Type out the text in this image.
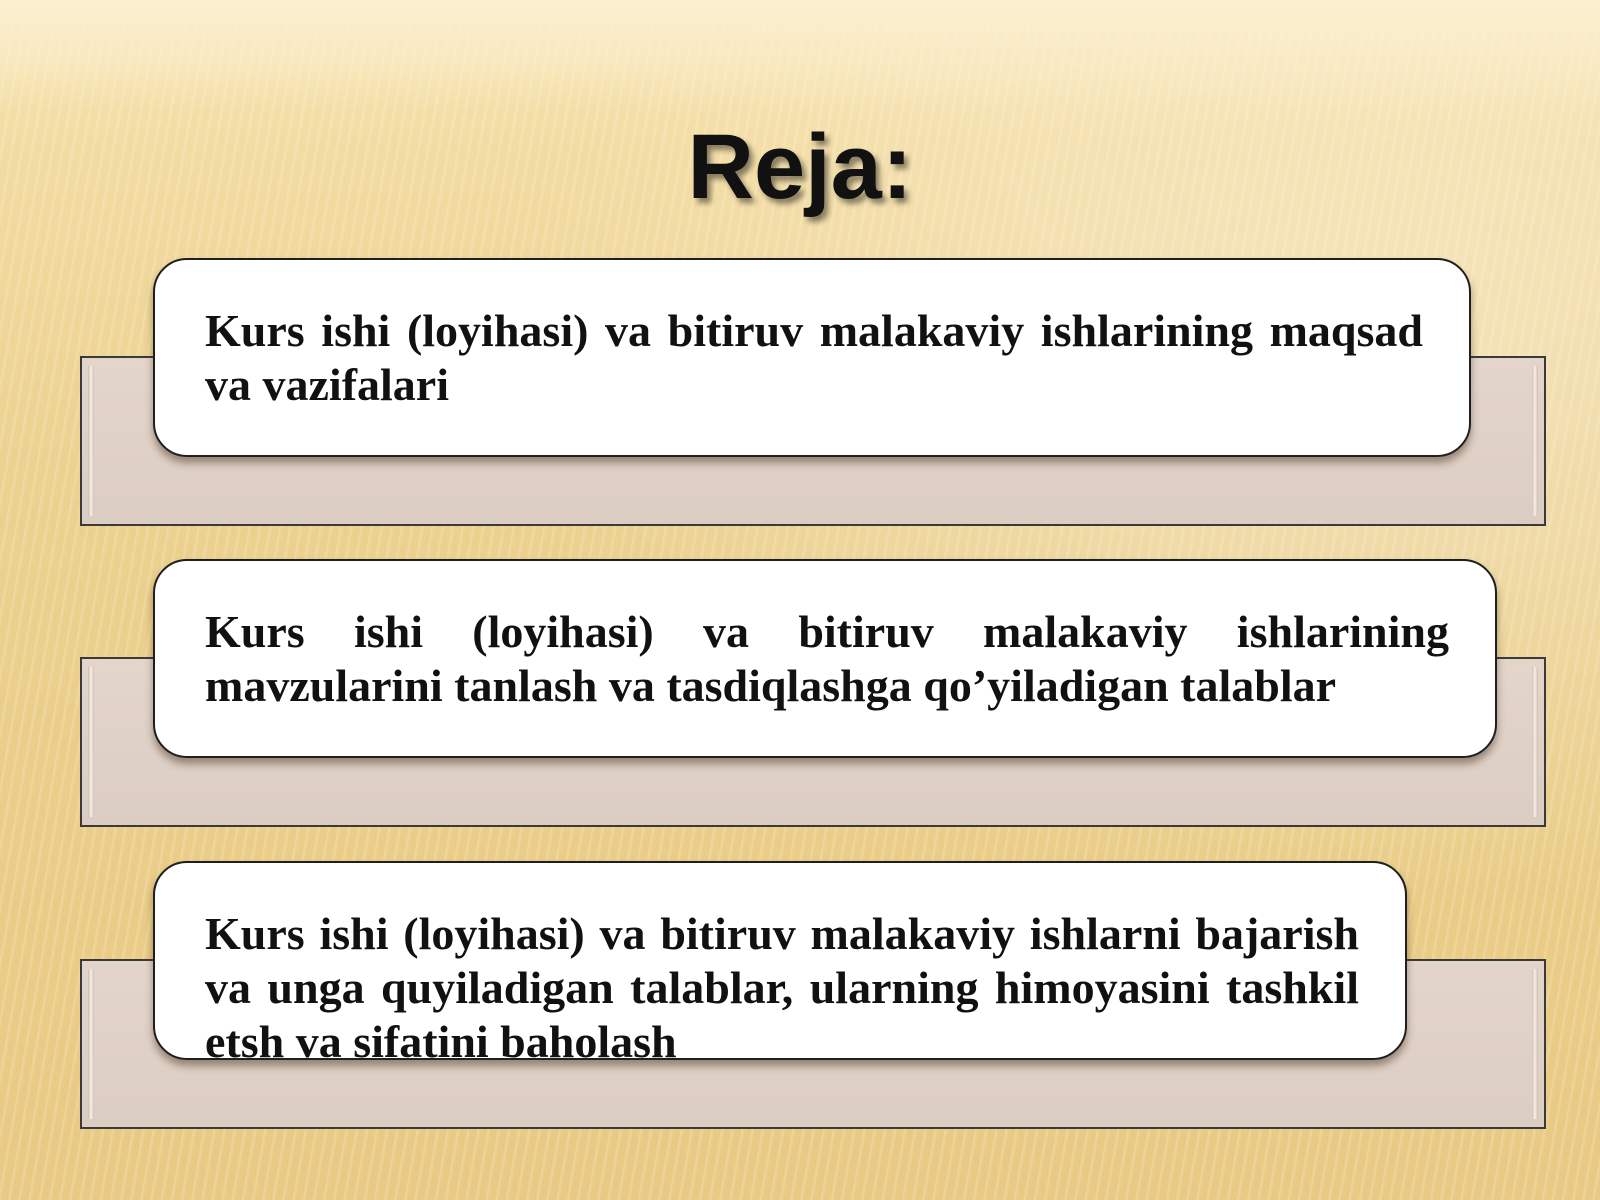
Reja:
Kurs ishi (loyihasi) va bitiruv malakaviy ishlarining maqsad va vazifalari
Kurs ishi (loyihasi) va bitiruv malakaviy ishlarining mavzularini tanlash va tasdiqlashga qo’yiladigan talablar
Kurs ishi (loyihasi) va bitiruv malakaviy ishlarni bajarish va unga quyiladigan talablar, ularning himoyasini tashkil etsh va sifatini baholash
